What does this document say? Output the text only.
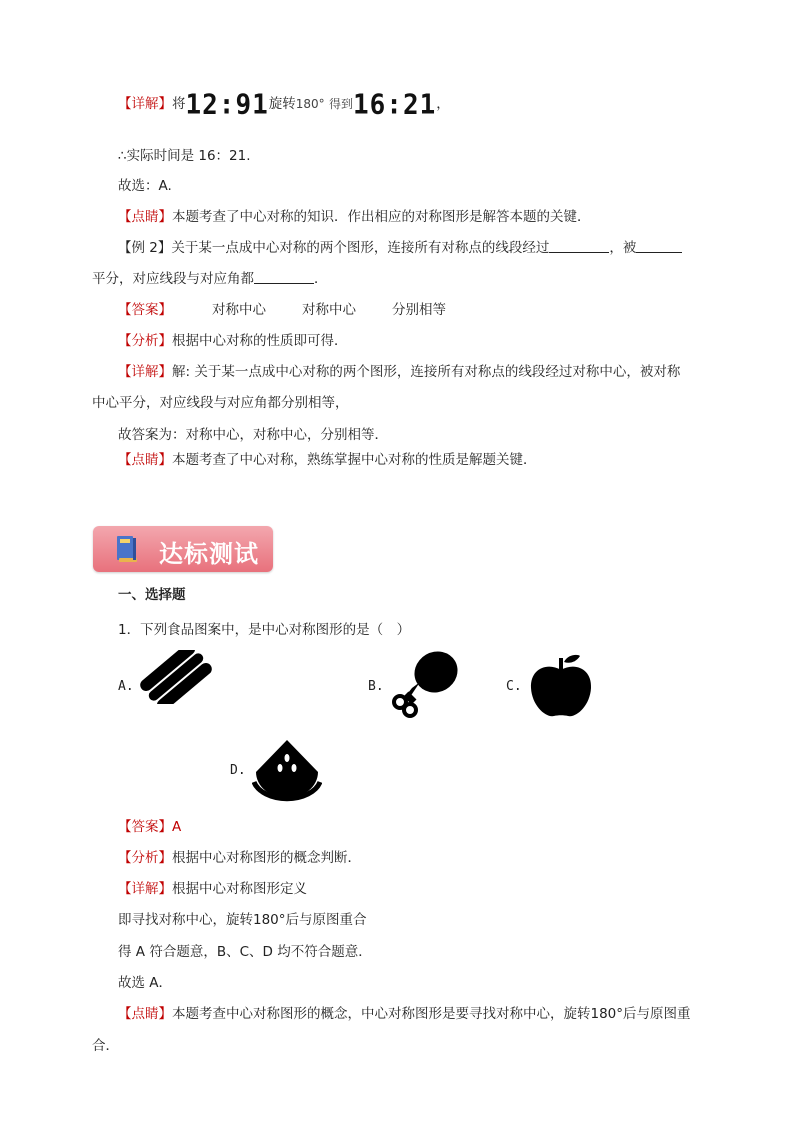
【详解】将12:91旋转180° 得到16:21，
∴实际时间是 16：21.
故选：A.
【点睛】本题考查了中心对称的知识．作出相应的对称图形是解答本题的关键．
【例 2】关于某一点成中心对称的两个图形，连接所有对称点的线段经过	，被
平分，对应线段与对应角都	．
【答案】	对称中心	对称中心	分别相等
【分析】根据中心对称的性质即可得．
【详解】解: 关于某一点成中心对称的两个图形，连接所有对称点的线段经过对称中心，被对称
中心平分，对应线段与对应角都分别相等，
故答案为：对称中心，对称中心，分别相等．
【点睛】本题考查了中心对称，熟练掌握中心对称的性质是解题关键．
达标测试
一、选择题
1．下列食品图案中，是中心对称图形的是（　）
A.	B.	C.
D.
【答案】A
【分析】根据中心对称图形的概念判断．
【详解】根据中心对称图形定义
即寻找对称中心，旋转180°后与原图重合
得 A 符合题意，B、C、D 均不符合题意．
故选 A．
【点睛】本题考查中心对称图形的概念，中心对称图形是要寻找对称中心，旋转180°后与原图重
合．
